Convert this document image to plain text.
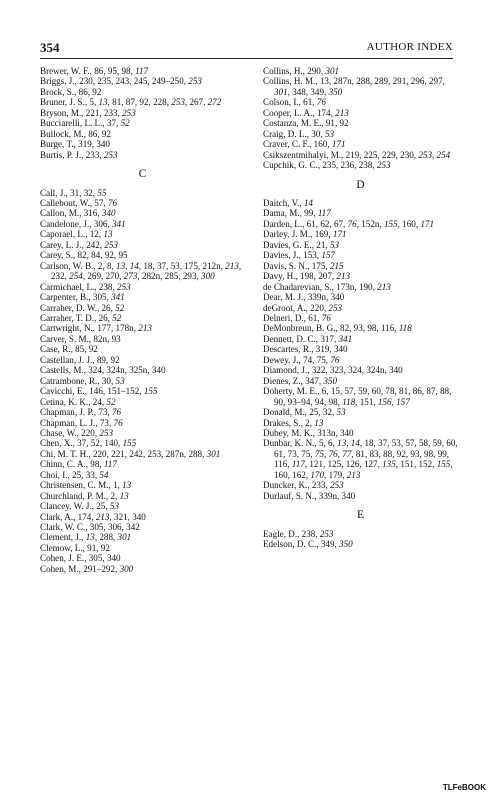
354	AUTHOR INDEX
Brewer, W. F., 86, 95, 98, 117
Briggs, J., 230, 235, 243, 245, 249–250, 253
Brock, S., 86, 92
Bruner, J. S., 5, 13, 81, 87, 92, 228, 253, 267, 272
Bryson, M., 221, 233, 253
Bucciarelli, L. L., 37, 52
Bullock, M., 86, 92
Burge, T., 319, 340
Burtis, P. J., 233, 253
C
Call, J., 31, 32, 55
Callebout, W., 57, 76
Callon, M., 316, 340
Candelone, J., 306, 341
Caporael, L., 12, 13
Carey, L. J., 242, 253
Carey, S., 82, 84, 92, 95
Carlson, W. B., 2, 8, 13, 14, 18, 37, 53, 175, 212n, 213, 232, 254, 269, 270, 273, 282n, 285, 293, 300
Carmichael, L., 238, 253
Carpenter, B., 305, 341
Carraher, D. W., 26, 52
Carraher, T. D., 26, 52
Cartwright, N., 177, 178n, 213
Carver, S. M., 82n, 93
Case, R., 85, 92
Castellan, J. J., 89, 92
Castells, M., 324, 324n, 325n, 340
Catrambone, R., 30, 53
Cavicchi, E., 146, 151–152, 155
Cetina, K. K., 24, 52
Chapman, J. P., 73, 76
Chapman, L. J., 73, 76
Chase, W., 220, 253
Chen, X., 37, 52, 140, 155
Chi, M. T. H., 220, 221, 242, 253, 287n, 288, 301
Chinn, C. A., 98, 117
Choi, I., 25, 33, 54
Christensen, C. M., 1, 13
Churchland, P. M., 2, 13
Clancey, W. J., 25, 53
Clark, A., 174, 213, 321, 340
Clark, W. C., 305, 306, 342
Clement, J., 13, 288, 301
Clemow, L., 91, 92
Cohen, J. E., 305, 340
Cohen, M., 291–292, 300
Collins, H., 290, 301
Collins, H. M., 13, 287n, 288, 289, 291, 296, 297, 301, 348, 349, 350
Colson, I., 61, 76
Cooper, L. A., 174, 213
Costanza, M. E., 91, 92
Craig, D. L., 30, 53
Craver, C. F., 160, 171
Csikszentmihalyi, M., 219, 225, 229, 230, 253, 254
Cupchik, G. C., 235, 236, 238, 253
D
Daitch, V., 14
Dama, M., 99, 117
Darden, L., 61, 62, 67, 76, 152n, 155, 160, 171
Darley, J. M., 169, 171
Davies, G. E., 21, 53
Davies, J., 153, 157
Davis, S. N., 175, 215
Davy, H., 198, 207, 213
de Chadarevian, S., 173n, 190, 213
Dear, M. J., 339n, 340
deGroot, A., 220, 253
Delneri, D., 61, 76
DeMonbreun, B. G., 82, 93, 98, 116, 118
Dennett, D. C., 317, 341
Descartes, R., 319, 340
Dewey, J., 74, 75, 76
Diamond, J., 322, 323, 324, 324n, 340
Dienes, Z., 347, 350
Doherty, M. E., 6, 15, 57, 59, 60, 78, 81, 86, 87, 88, 90, 93–94, 94, 98, 118, 151, 156, 157
Donald, M., 25, 32, 53
Drakes, S., 2, 13
Dubey, M. K., 313n, 340
Dunbar, K. N., 5, 6, 13, 14, 18, 37, 53, 57, 58, 59, 60, 61, 73, 75, 75, 76, 77, 81, 83, 88, 92, 93, 98, 99, 116, 117, 121, 125, 126, 127, 135, 151, 152, 155, 160, 162, 170, 179, 213
Duncker, K., 233, 253
Durlauf, S. N., 339n, 340
E
Eagle, D., 238, 253
Edelson, D. C., 349, 350
TLFeBOOK
